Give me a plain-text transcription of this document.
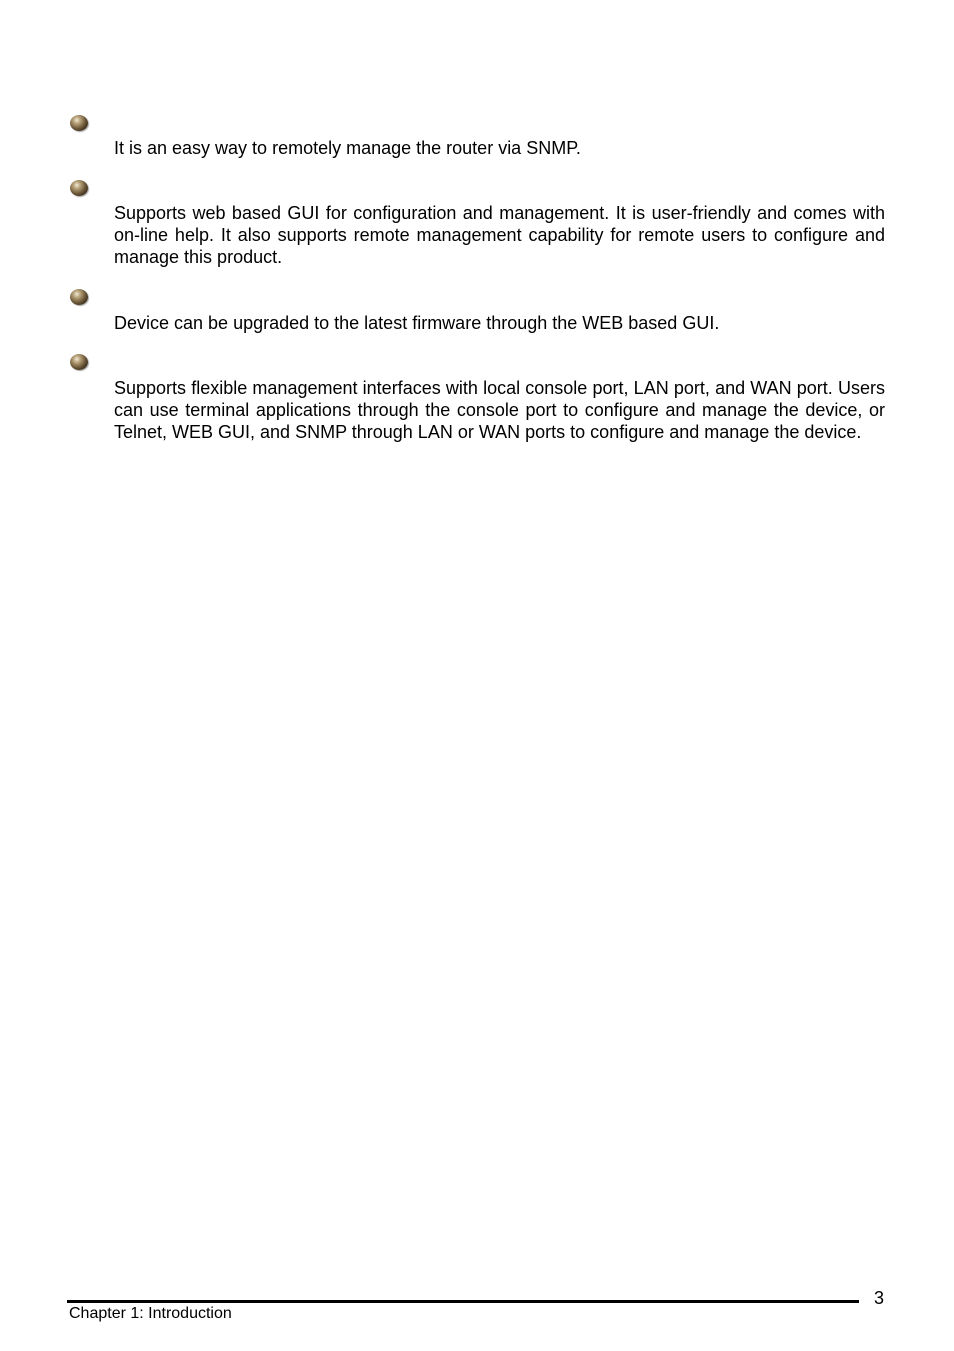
It is an easy way to remotely manage the router via SNMP.

Supports web based GUI for configuration and management. It is user-friendly and comes with on-line help. It also supports remote management capability for remote users to configure and manage this product.

Device can be upgraded to the latest firmware through the WEB based GUI.

Supports flexible management interfaces with local console port, LAN port, and WAN port. Users can use terminal applications through the console port to configure and manage the device, or Telnet, WEB GUI, and SNMP through LAN or WAN ports to configure and manage the device.

3
Chapter 1: Introduction
